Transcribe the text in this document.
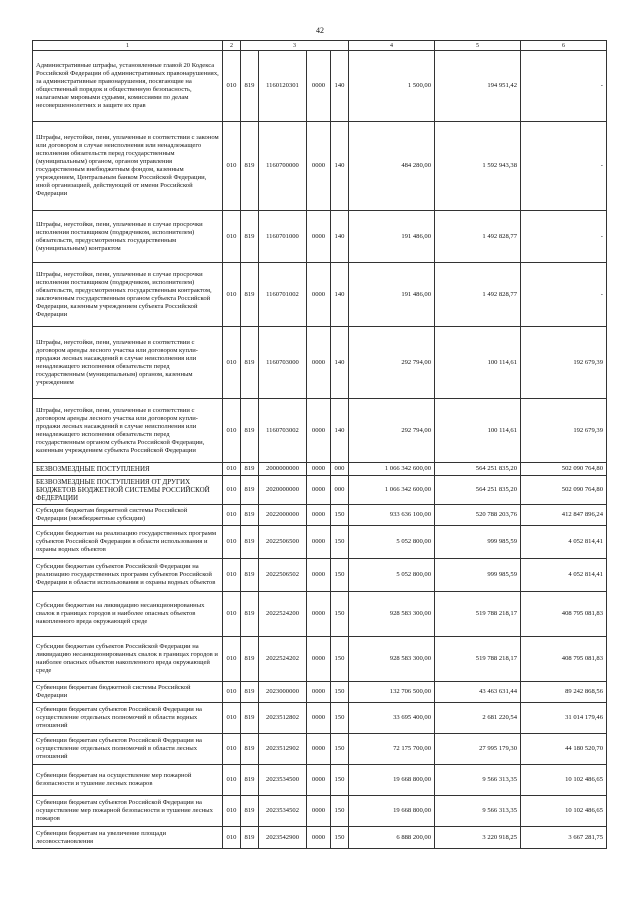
42
1	2	3				4	5	6
Административные штрафы, установленные главой 20 Кодекса Российской Федерации об административных правонарушениях, за административные правонарушения, посягающие на общественный порядок и общественную безопасность, налагаемые мировыми судьями, комиссиями по делам несовершеннолетних и защите их прав	010	819	1160120301	0000	140	1 500,00	194 951,42	-
Штрафы, неустойки, пени, уплаченные в соответствии с законом или договором в случае неисполнения или ненадлежащего исполнения обязательств перед государственным (муниципальным) органом, органом управления государственным внебюджетным фондом, казенным учреждением, Центральным банком Российской Федерации, иной организацией, действующей от имени Российской Федерации	010	819	1160700000	0000	140	484 280,00	1 592 943,38	-
Штрафы, неустойки, пени, уплаченные в случае просрочки исполнения поставщиком (подрядчиком, исполнителем) обязательств, предусмотренных государственным (муниципальным) контрактом	010	819	1160701000	0000	140	191 486,00	1 492 828,77	-
Штрафы, неустойки, пени, уплаченные в случае просрочки исполнения поставщиком (подрядчиком, исполнителем) обязательств, предусмотренных государственным контрактом, заключенным государственным органом субъекта Российской Федерации, казенным учреждением субъекта Российской Федерации	010	819	1160701002	0000	140	191 486,00	1 492 828,77	-
Штрафы, неустойки, пени, уплаченные в соответствии с договором аренды лесного участка или договором купли-продажи лесных насаждений в случае неисполнения или ненадлежащего исполнения обязательств перед государственным (муниципальным) органом, казенным учреждением	010	819	1160703000	0000	140	292 794,00	100 114,61	192 679,39
Штрафы, неустойки, пени, уплаченные в соответствии с договором аренды лесного участка или договором купли-продажи лесных насаждений в случае неисполнения или ненадлежащего исполнения обязательств перед государственным органом субъекта Российской Федерации, казенным учреждением субъекта Российской Федерации	010	819	1160703002	0000	140	292 794,00	100 114,61	192 679,39
БЕЗВОЗМЕЗДНЫЕ ПОСТУПЛЕНИЯ	010	819	2000000000	0000	000	1 066 342 600,00	564 251 835,20	502 090 764,80
БЕЗВОЗМЕЗДНЫЕ ПОСТУПЛЕНИЯ ОТ ДРУГИХ БЮДЖЕТОВ БЮДЖЕТНОЙ СИСТЕМЫ РОССИЙСКОЙ ФЕДЕРАЦИИ	010	819	2020000000	0000	000	1 066 342 600,00	564 251 835,20	502 090 764,80
Субсидии бюджетам бюджетной системы Российской Федерации (межбюджетные субсидии)	010	819	2022000000	0000	150	933 636 100,00	520 788 203,76	412 847 896,24
Субсидии бюджетам на реализацию государственных программ субъектов Российской Федерации в области использования и охраны водных объектов	010	819	2022506500	0000	150	5 052 800,00	999 985,59	4 052 814,41
Субсидии бюджетам субъектов Российской Федерации на реализацию государственных программ субъектов Российской Федерации в области использования и охраны водных объектов	010	819	2022506502	0000	150	5 052 800,00	999 985,59	4 052 814,41
Субсидии бюджетам на ликвидацию несанкционированных свалок в границах городов и наиболее опасных объектов накопленного вреда окружающей среде	010	819	2022524200	0000	150	928 583 300,00	519 788 218,17	408 795 081,83
Субсидии бюджетам субъектов Российской Федерации на ликвидацию несанкционированных свалок в границах городов и наиболее опасных объектов накопленного вреда окружающей среде	010	819	2022524202	0000	150	928 583 300,00	519 788 218,17	408 795 081,83
Субвенции бюджетам бюджетной системы Российской Федерации	010	819	2023000000	0000	150	132 706 500,00	43 463 631,44	89 242 868,56
Субвенции бюджетам субъектов Российской Федерации на осуществление отдельных полномочий в области водных отношений	010	819	2023512802	0000	150	33 695 400,00	2 681 220,54	31 014 179,46
Субвенции бюджетам субъектов Российской Федерации на осуществление отдельных полномочий в области лесных отношений	010	819	2023512902	0000	150	72 175 700,00	27 995 179,30	44 180 520,70
Субвенции бюджетам на осуществление мер пожарной безопасности и тушение лесных пожаров	010	819	2023534500	0000	150	19 668 800,00	9 566 313,35	10 102 486,65
Субвенции бюджетам субъектов Российской Федерации на осуществление мер пожарной безопасности и тушение лесных пожаров	010	819	2023534502	0000	150	19 668 800,00	9 566 313,35	10 102 486,65
Субвенции бюджетам на увеличение площади лесовосстановления	010	819	2023542900	0000	150	6 888 200,00	3 220 918,25	3 667 281,75
